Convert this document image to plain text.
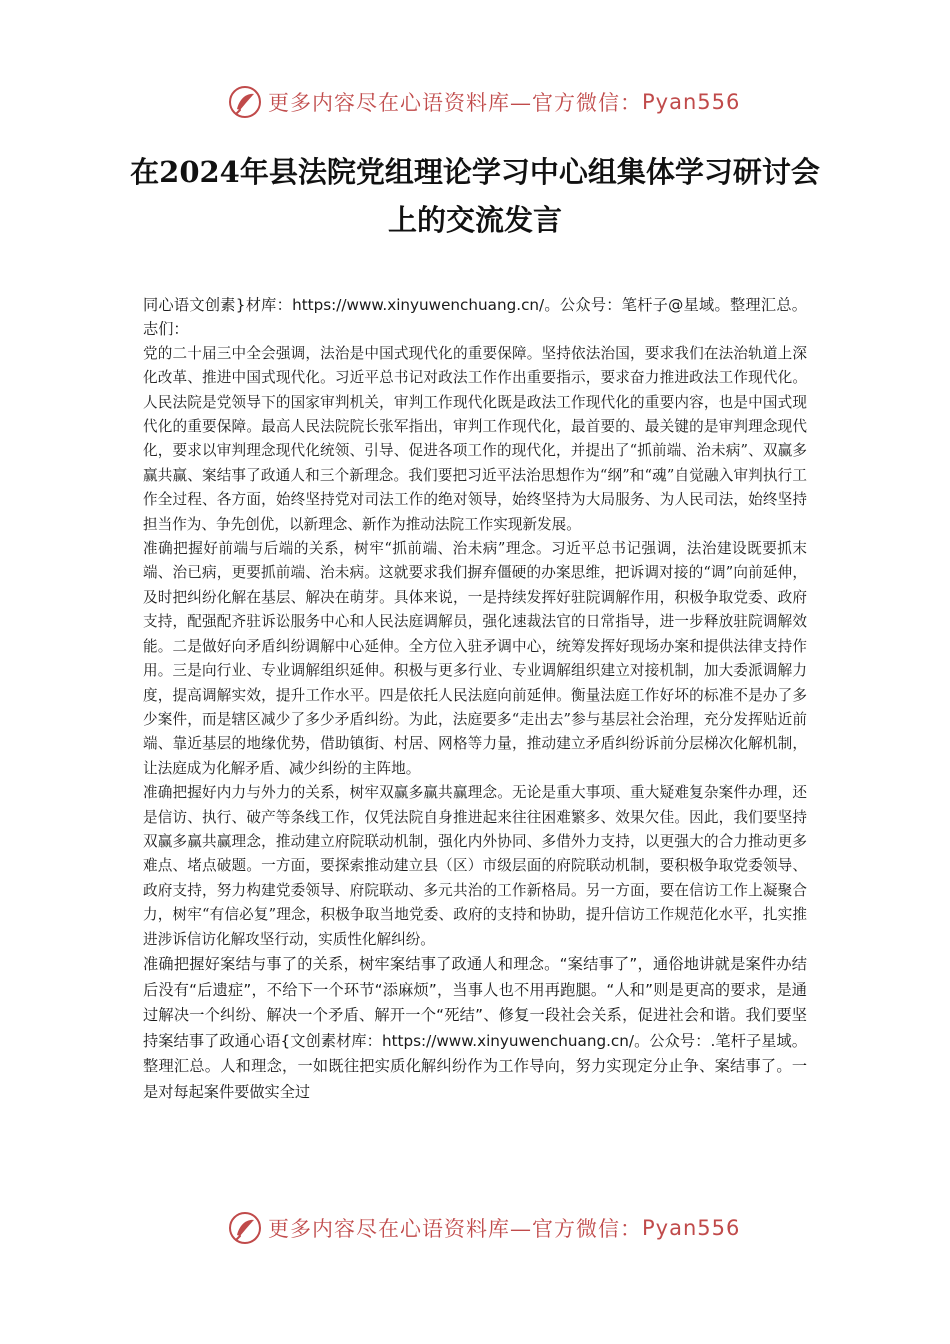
更多内容尽在心语资料库—官方微信： Pyan556
在2024年县法院党组理论学习中心组集体学习研讨会上的交流发言

同心语文创素}材库：https://www.xinyuwenchuang.cn/。公众号：笔杆子@星域。整理汇总。志们：

党的二十届三中全会强调，法治是中国式现代化的重要保障。坚持依法治国，要求我们在法治轨道上深化改革、推进中国式现代化。习近平总书记对政法工作作出重要指示，要求奋力推进政法工作现代化。人民法院是党领导下的国家审判机关，审判工作现代化既是政法工作现代化的重要内容，也是中国式现代化的重要保障。最高人民法院院长张军指出，审判工作现代化，最首要的、最关键的是审判理念现代化，要求以审判理念现代化统领、引导、促进各项工作的现代化，并提出了“抓前端、治未病”、双赢多赢共赢、案结事了政通人和三个新理念。我们要把习近平法治思想作为“纲”和“魂”自觉融入审判执行工作全过程、各方面，始终坚持党对司法工作的绝对领导，始终坚持为大局服务、为人民司法，始终坚持担当作为、争先创优，以新理念、新作为推动法院工作实现新发展。

准确把握好前端与后端的关系，树牢“抓前端、治未病”理念。习近平总书记强调，法治建设既要抓末端、治已病，更要抓前端、治未病。这就要求我们摒弃僵硬的办案思维，把诉调对接的“调”向前延伸，及时把纠纷化解在基层、解决在萌芽。具体来说，一是持续发挥好驻院调解作用，积极争取党委、政府支持，配强配齐驻诉讼服务中心和人民法庭调解员，强化速裁法官的日常指导，进一步释放驻院调解效能。二是做好向矛盾纠纷调解中心延伸。全方位入驻矛调中心，统筹发挥好现场办案和提供法律支持作用。三是向行业、专业调解组织延伸。积极与更多行业、专业调解组织建立对接机制，加大委派调解力度，提高调解实效，提升工作水平。四是依托人民法庭向前延伸。衡量法庭工作好坏的标准不是办了多少案件，而是辖区减少了多少矛盾纠纷。为此，法庭要多“走出去”参与基层社会治理，充分发挥贴近前端、靠近基层的地缘优势，借助镇街、村居、网格等力量，推动建立矛盾纠纷诉前分层梯次化解机制，让法庭成为化解矛盾、减少纠纷的主阵地。

准确把握好内力与外力的关系，树牢双赢多赢共赢理念。无论是重大事项、重大疑难复杂案件办理，还是信访、执行、破产等条线工作，仅凭法院自身推进起来往往困难繁多、效果欠佳。因此，我们要坚持双赢多赢共赢理念，推动建立府院联动机制，强化内外协同、多借外力支持，以更强大的合力推动更多难点、堵点破题。一方面，要探索推动建立县（区）市级层面的府院联动机制，要积极争取党委领导、政府支持，努力构建党委领导、府院联动、多元共治的工作新格局。另一方面，要在信访工作上凝聚合力，树牢“有信必复”理念，积极争取当地党委、政府的支持和协助，提升信访工作规范化水平，扎实推进涉诉信访化解攻坚行动，实质性化解纠纷。

准确把握好案结与事了的关系，树牢案结事了政通人和理念。“案结事了”，通俗地讲就是案件办结后没有“后遗症”，不给下一个环节“添麻烦”，当事人也不用再跑腿。“人和”则是更高的要求，是通过解决一个纠纷、解决一个矛盾、解开一个“死结”、修复一段社会关系，促进社会和谐。我们要坚持案结事了政通心语{文创素材库：https://www.xinyuwenchuang.cn/。公众号：.笔杆子星域。整理汇总。人和理念，一如既往把实质化解纠纷作为工作导向，努力实现定分止争、案结事了。一是对每起案件要做实全过

更多内容尽在心语资料库—官方微信： Pyan556
